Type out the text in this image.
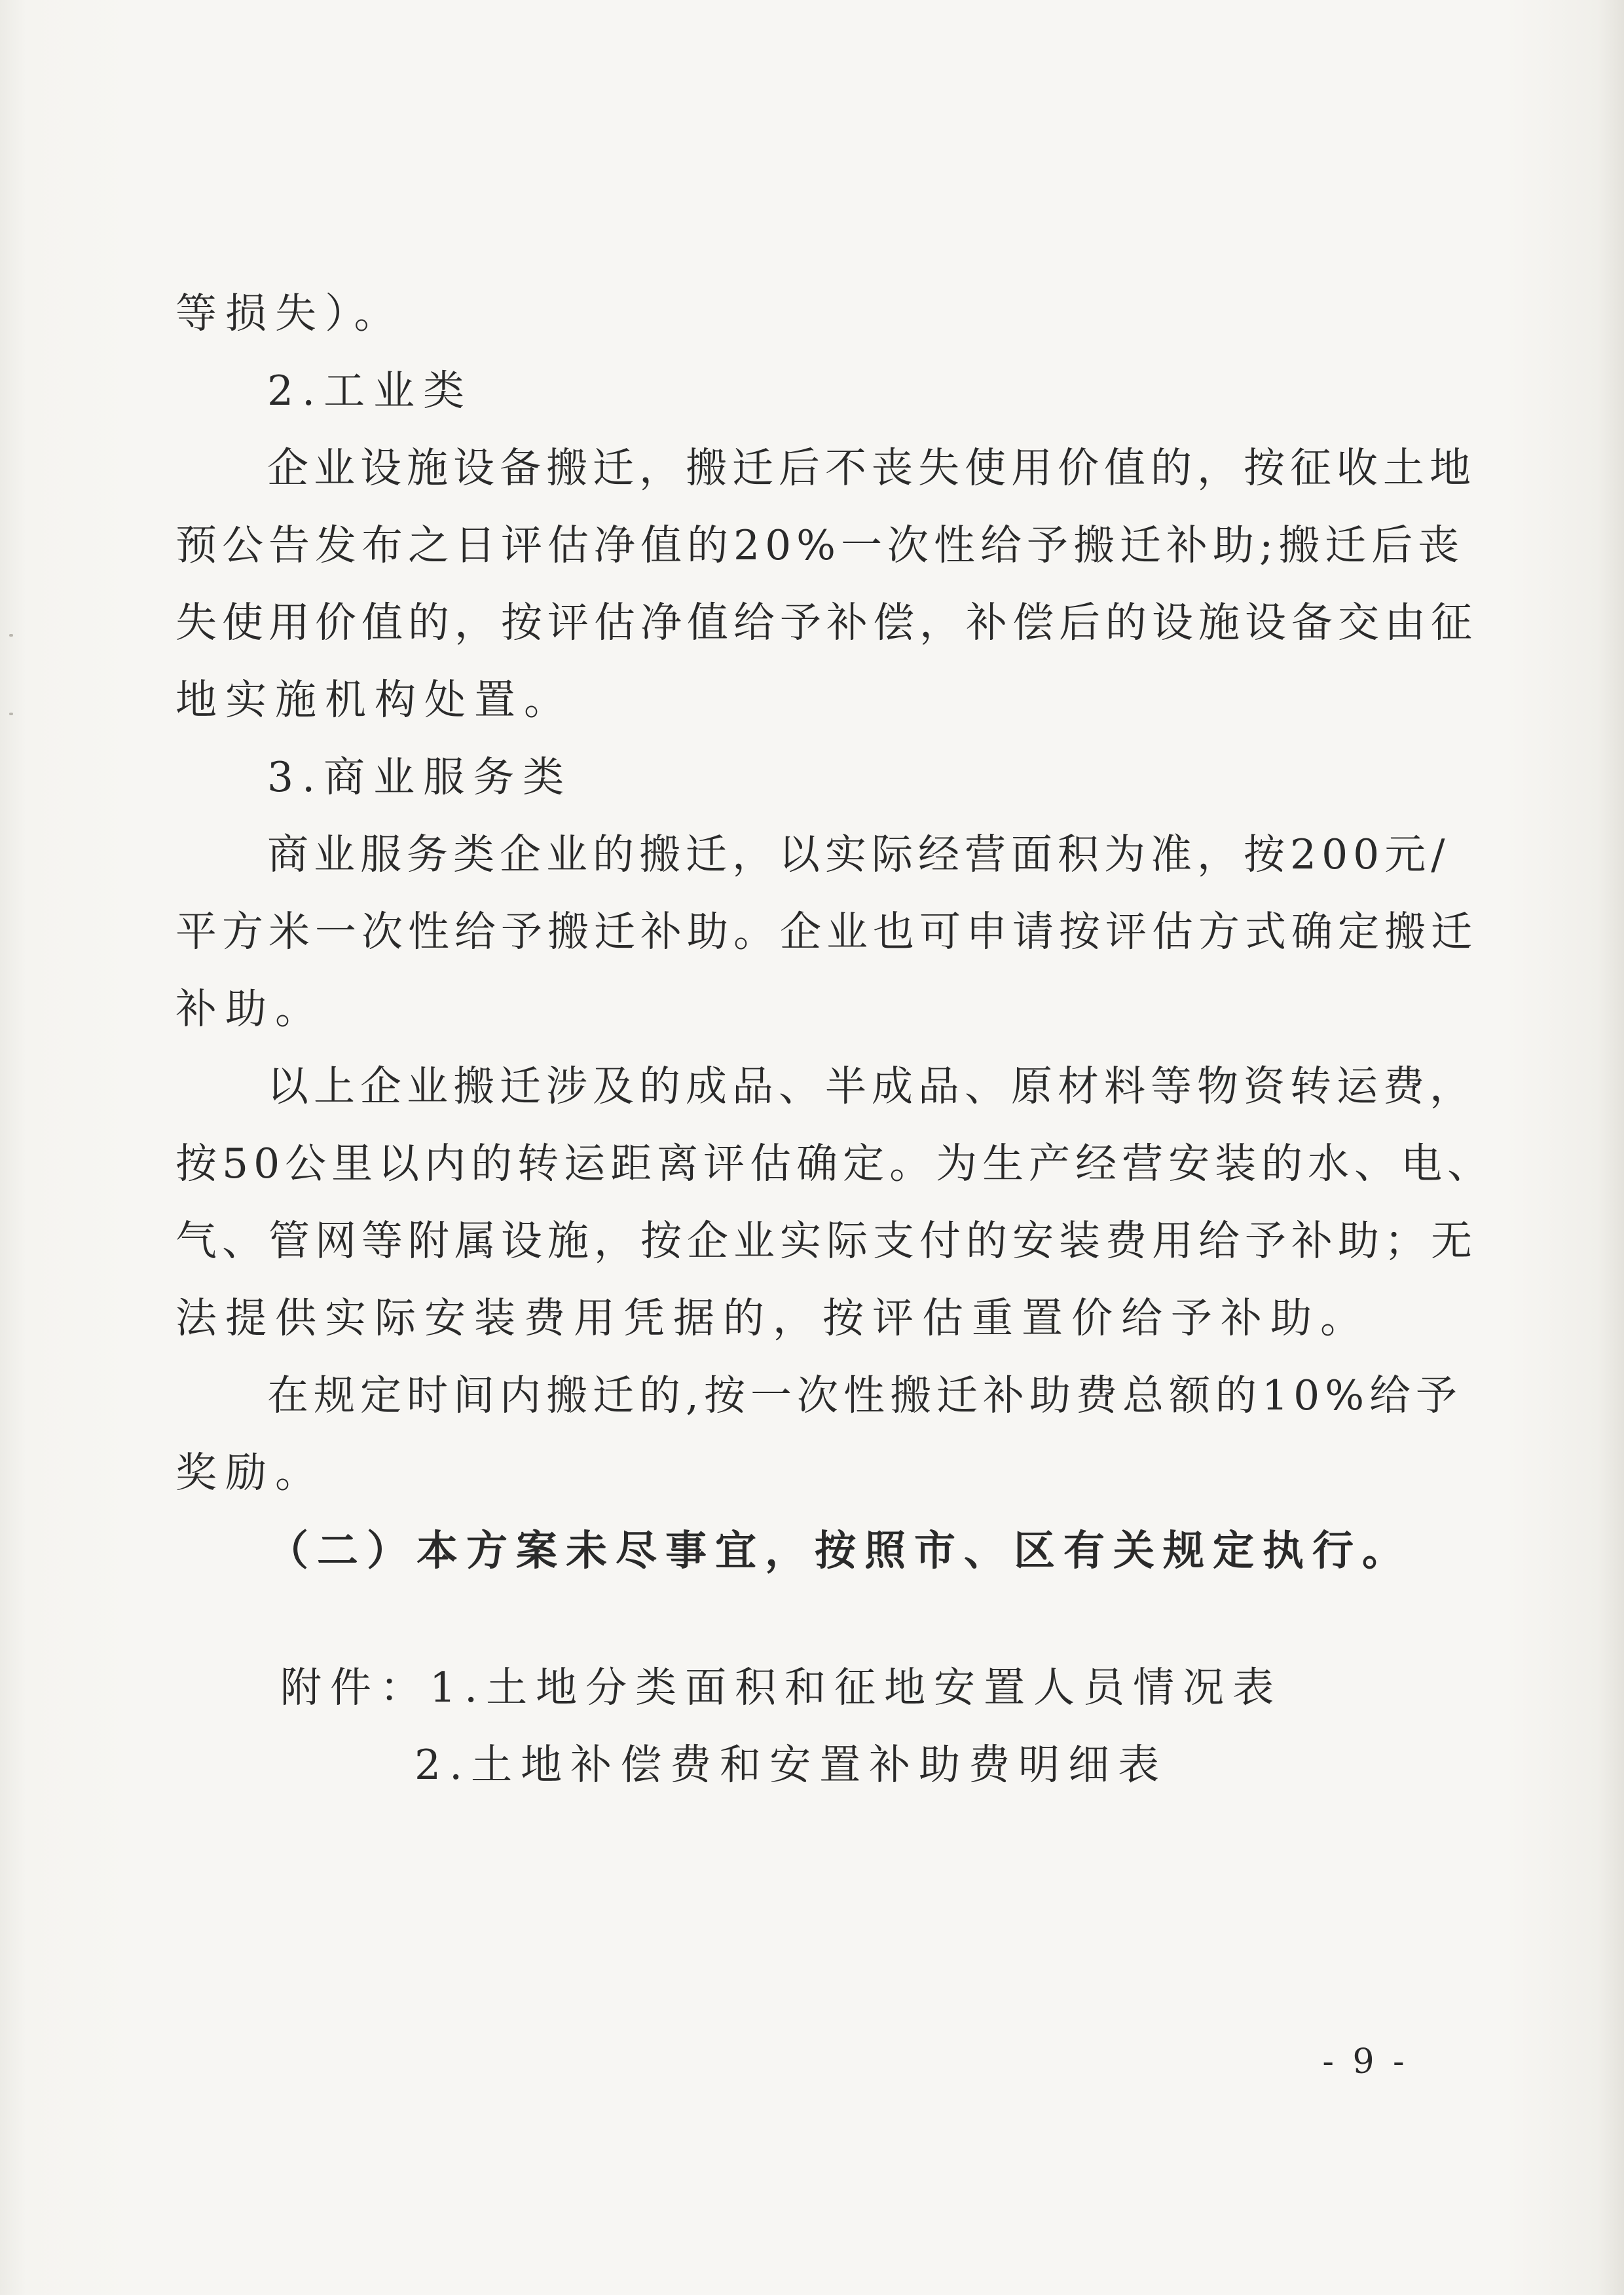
等损失）。
2.工业类
企业设施设备搬迁，搬迁后不丧失使用价值的，按征收土地
预公告发布之日评估净值的20%一次性给予搬迁补助;搬迁后丧
失使用价值的，按评估净值给予补偿，补偿后的设施设备交由征
地实施机构处置。
3.商业服务类
商业服务类企业的搬迁，以实际经营面积为准，按200元/
平方米一次性给予搬迁补助。企业也可申请按评估方式确定搬迁
补助。
以上企业搬迁涉及的成品、半成品、原材料等物资转运费，
按50公里以内的转运距离评估确定。为生产经营安装的水、电、
气、管网等附属设施，按企业实际支付的安装费用给予补助；无
法提供实际安装费用凭据的，按评估重置价给予补助。
在规定时间内搬迁的,按一次性搬迁补助费总额的10%给予
奖励。
（二）本方案未尽事宜，按照市、区有关规定执行。
附件：1.土地分类面积和征地安置人员情况表
2.土地补偿费和安置补助费明细表
- 9 -
